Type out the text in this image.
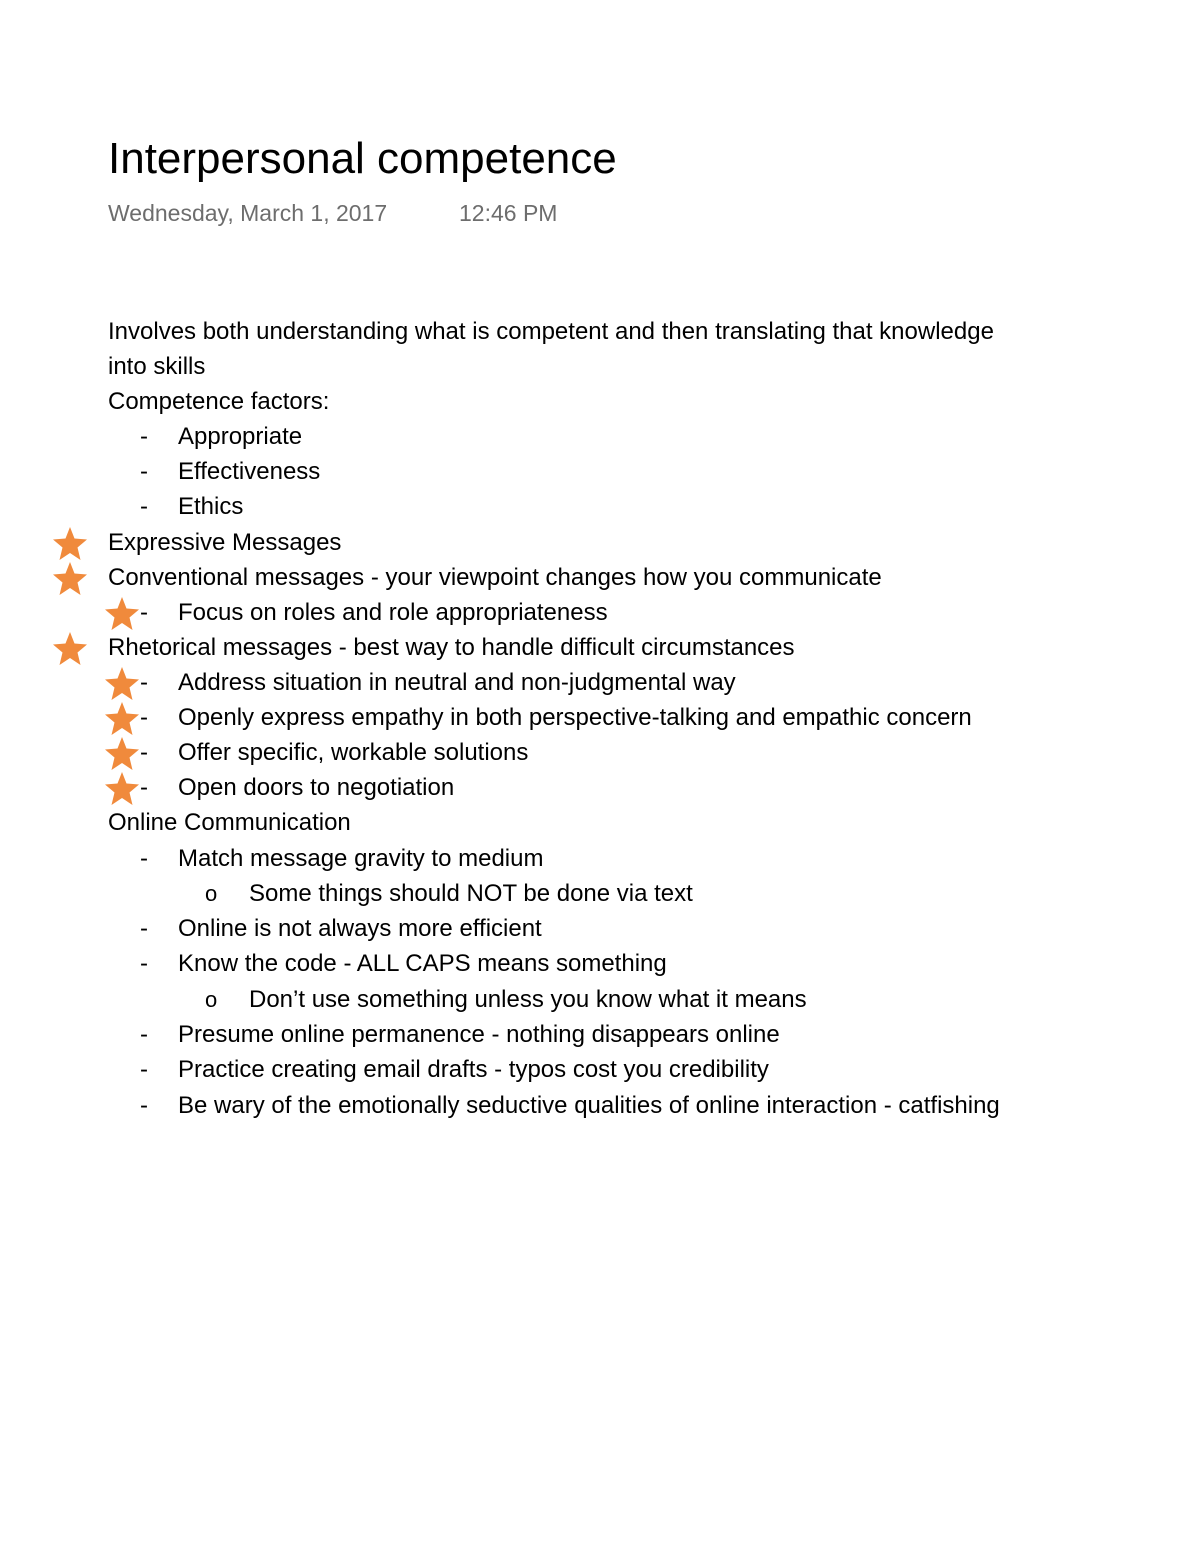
Interpersonal competence
Wednesday, March 1, 2017	12:46 PM
Involves both understanding what is competent and then translating that knowledge
into skills
Competence factors:
- Appropriate
- Effectiveness
- Ethics
Expressive Messages
Conventional messages - your viewpoint changes how you communicate
- Focus on roles and role appropriateness
Rhetorical messages - best way to handle difficult circumstances
- Address situation in neutral and non-judgmental way
- Openly express empathy in both perspective-talking and empathic concern
- Offer specific, workable solutions
- Open doors to negotiation
Online Communication
- Match message gravity to medium
o Some things should NOT be done via text
- Online is not always more efficient
- Know the code - ALL CAPS means something
o Don’t use something unless you know what it means
- Presume online permanence - nothing disappears online
- Practice creating email drafts - typos cost you credibility
- Be wary of the emotionally seductive qualities of online interaction - catfishing
